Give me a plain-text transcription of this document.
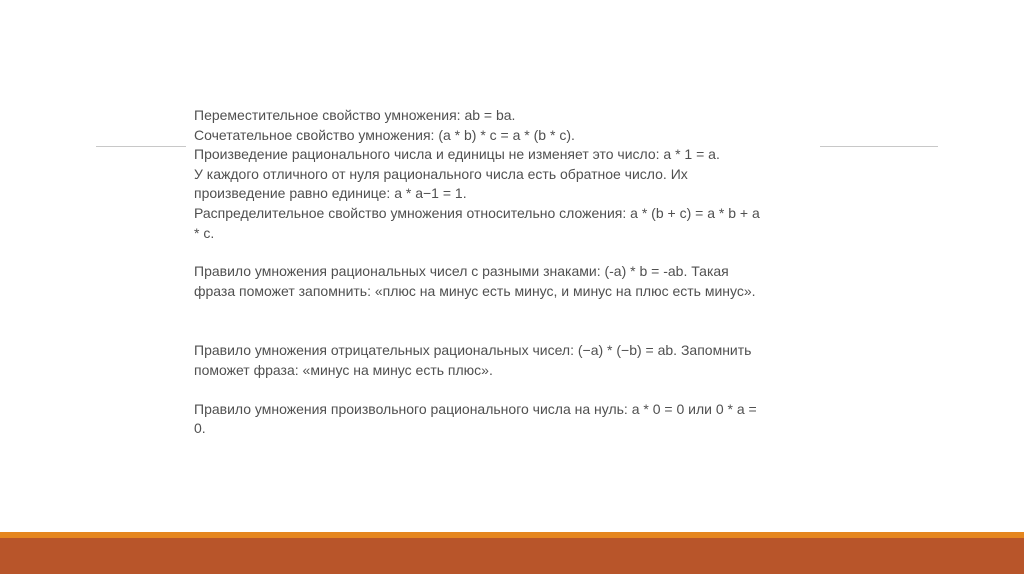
Переместительное свойство умножения: ab = ba.

Сочетательное свойство умножения: (a * b) * c = a * (b * c).

Произведение рационального числа и единицы не изменяет это число: a * 1 = a.

У каждого отличного от нуля рационального числа есть обратное число. Их

произведение равно единице: a * a−1 = 1.

Распределительное свойство умножения относительно сложения: a * (b + c) = a * b + a

* c.

Правило умножения рациональных чисел с разными знаками: (-a) * b = -ab. Такая

фраза поможет запомнить: «плюс на минус есть минус, и минус на плюс есть минус».

Правило умножения отрицательных рациональных чисел: (−a) * (−b) = ab. Запомнить

поможет фраза: «минус на минус есть плюс».

Правило умножения произвольного рационального числа на нуль: a * 0 = 0 или 0 * a =

0.
